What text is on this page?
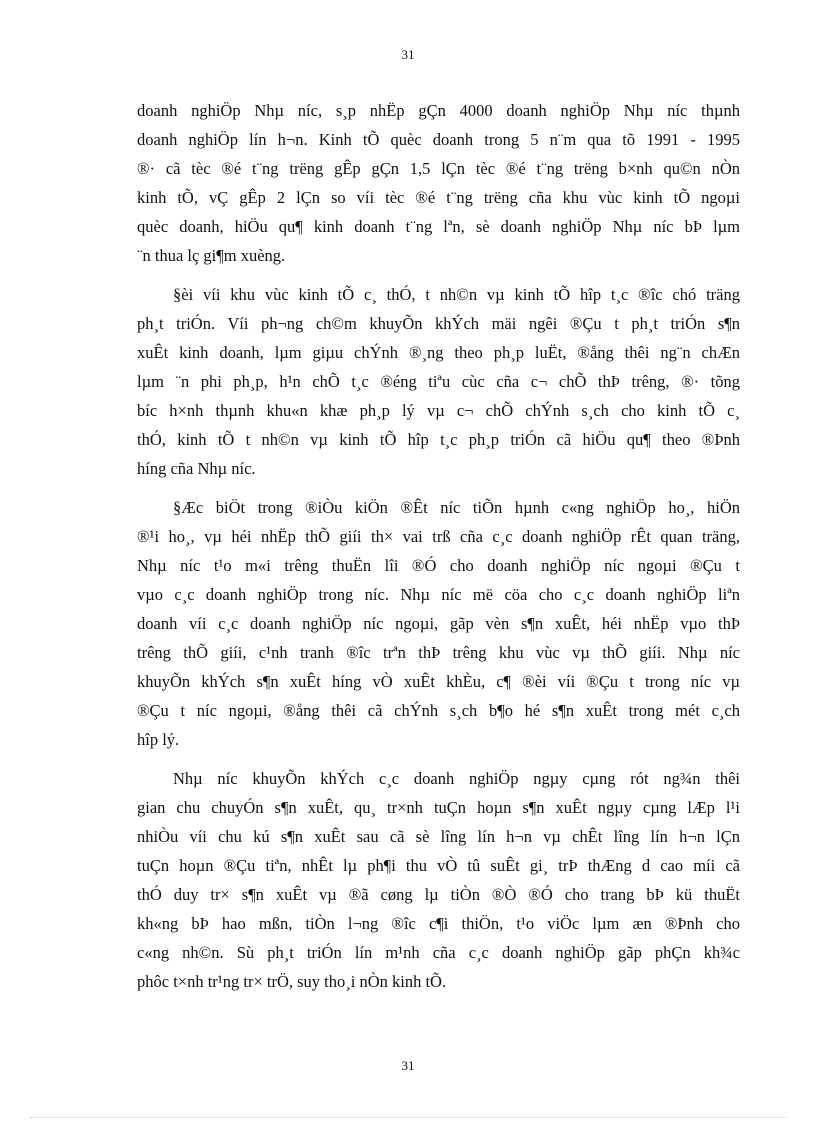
31

doanh nghiÖp Nhµ níc, s¸p nhËp gÇn 4000 doanh nghiÖp Nhµ níc thµnh
doanh nghiÖp lín h¬n. Kinh tÕ quèc doanh trong 5 n¨m qua tõ 1991 - 1995
®· cã tèc ®é t¨ng trëng gÊp gÇn 1,5 lÇn tèc ®é t¨ng trëng b×nh qu©n nÒn
kinh tÕ, vÇ gÊp 2 lÇn so víi tèc ®é t¨ng trëng cña khu vùc kinh tÕ ngoµi
quèc doanh, hiÖu qu¶ kinh doanh t¨ng lªn, sè doanh nghiÖp Nhµ níc bÞ lµm
¨n thua lç gi¶m xuèng.

§èi víi khu vùc kinh tÕ c¸ thÓ, t nh©n vµ kinh tÕ hîp t¸c ®îc chó träng
ph¸t triÓn. Víi ph¬ng ch©m khuyÕn khÝch mäi ngêi ®Çu t ph¸t triÓn s¶n
xuÊt kinh doanh, lµm giµu chÝnh ®¸ng theo ph¸p luËt, ®ång thêi ng¨n chÆn
lµm ¨n phi ph¸p, h¹n chÕ t¸c ®éng tiªu cùc cña c¬ chÕ thÞ trêng, ®· tõng
bíc h×nh thµnh khu«n khæ ph¸p lý vµ c¬ chÕ chÝnh s¸ch cho kinh tÕ c¸
thÓ, kinh tÕ t nh©n vµ kinh tÕ hîp t¸c ph¸p triÓn cã hiÖu qu¶ theo ®Þnh
híng cña Nhµ níc.

§Æc biÖt trong ®iÒu kiÖn ®Êt níc tiÕn hµnh c«ng nghiÖp ho¸, hiÖn
®¹i ho¸, vµ héi nhËp thÕ giíi th× vai trß cña c¸c doanh nghiÖp rÊt quan träng,
Nhµ níc t¹o m«i trêng thuËn lîi ®Ó cho doanh nghiÖp níc ngoµi ®Çu t
vµo c¸c doanh nghiÖp trong níc. Nhµ níc më cöa cho c¸c doanh nghiÖp liªn
doanh víi c¸c doanh nghiÖp níc ngoµi, gãp vèn s¶n xuÊt, héi nhËp vµo thÞ
trêng thÕ giíi, c¹nh tranh ®îc trªn thÞ trêng khu vùc vµ thÕ giíi. Nhµ níc
khuyÕn khÝch s¶n xuÊt híng vÒ xuÊt khÈu, c¶ ®èi víi ®Çu t trong níc vµ
®Çu t níc ngoµi, ®ång thêi cã chÝnh s¸ch b¶o hé s¶n xuÊt trong mét c¸ch
hîp lý.

Nhµ níc khuyÕn khÝch c¸c doanh nghiÖp ngµy cµng rót ng¾n thêi
gian chu chuyÓn s¶n xuÊt, qu¸ tr×nh tuÇn hoµn s¶n xuÊt ngµy cµng lÆp l¹i
nhiÒu víi chu kú s¶n xuÊt sau cã sè lîng lín h¬n vµ chÊt lîng lín h¬n lÇn
tuÇn hoµn ®Çu tiªn, nhÊt lµ ph¶i thu vÒ tû suÊt gi¸ trÞ thÆng d cao míi cã
thÓ duy tr× s¶n xuÊt vµ ®ã cøng lµ tiÒn ®Ò ®Ó cho trang bÞ kü thuËt
kh«ng bÞ hao mßn, tiÒn l¬ng ®îc c¶i thiÖn, t¹o viÖc lµm æn ®Þnh cho
c«ng nh©n. Sù ph¸t triÓn lín m¹nh cña c¸c doanh nghiÖp gãp phÇn kh¾c
phôc t×nh tr¹ng tr× trÖ, suy tho¸i nÒn kinh tÕ.

31
